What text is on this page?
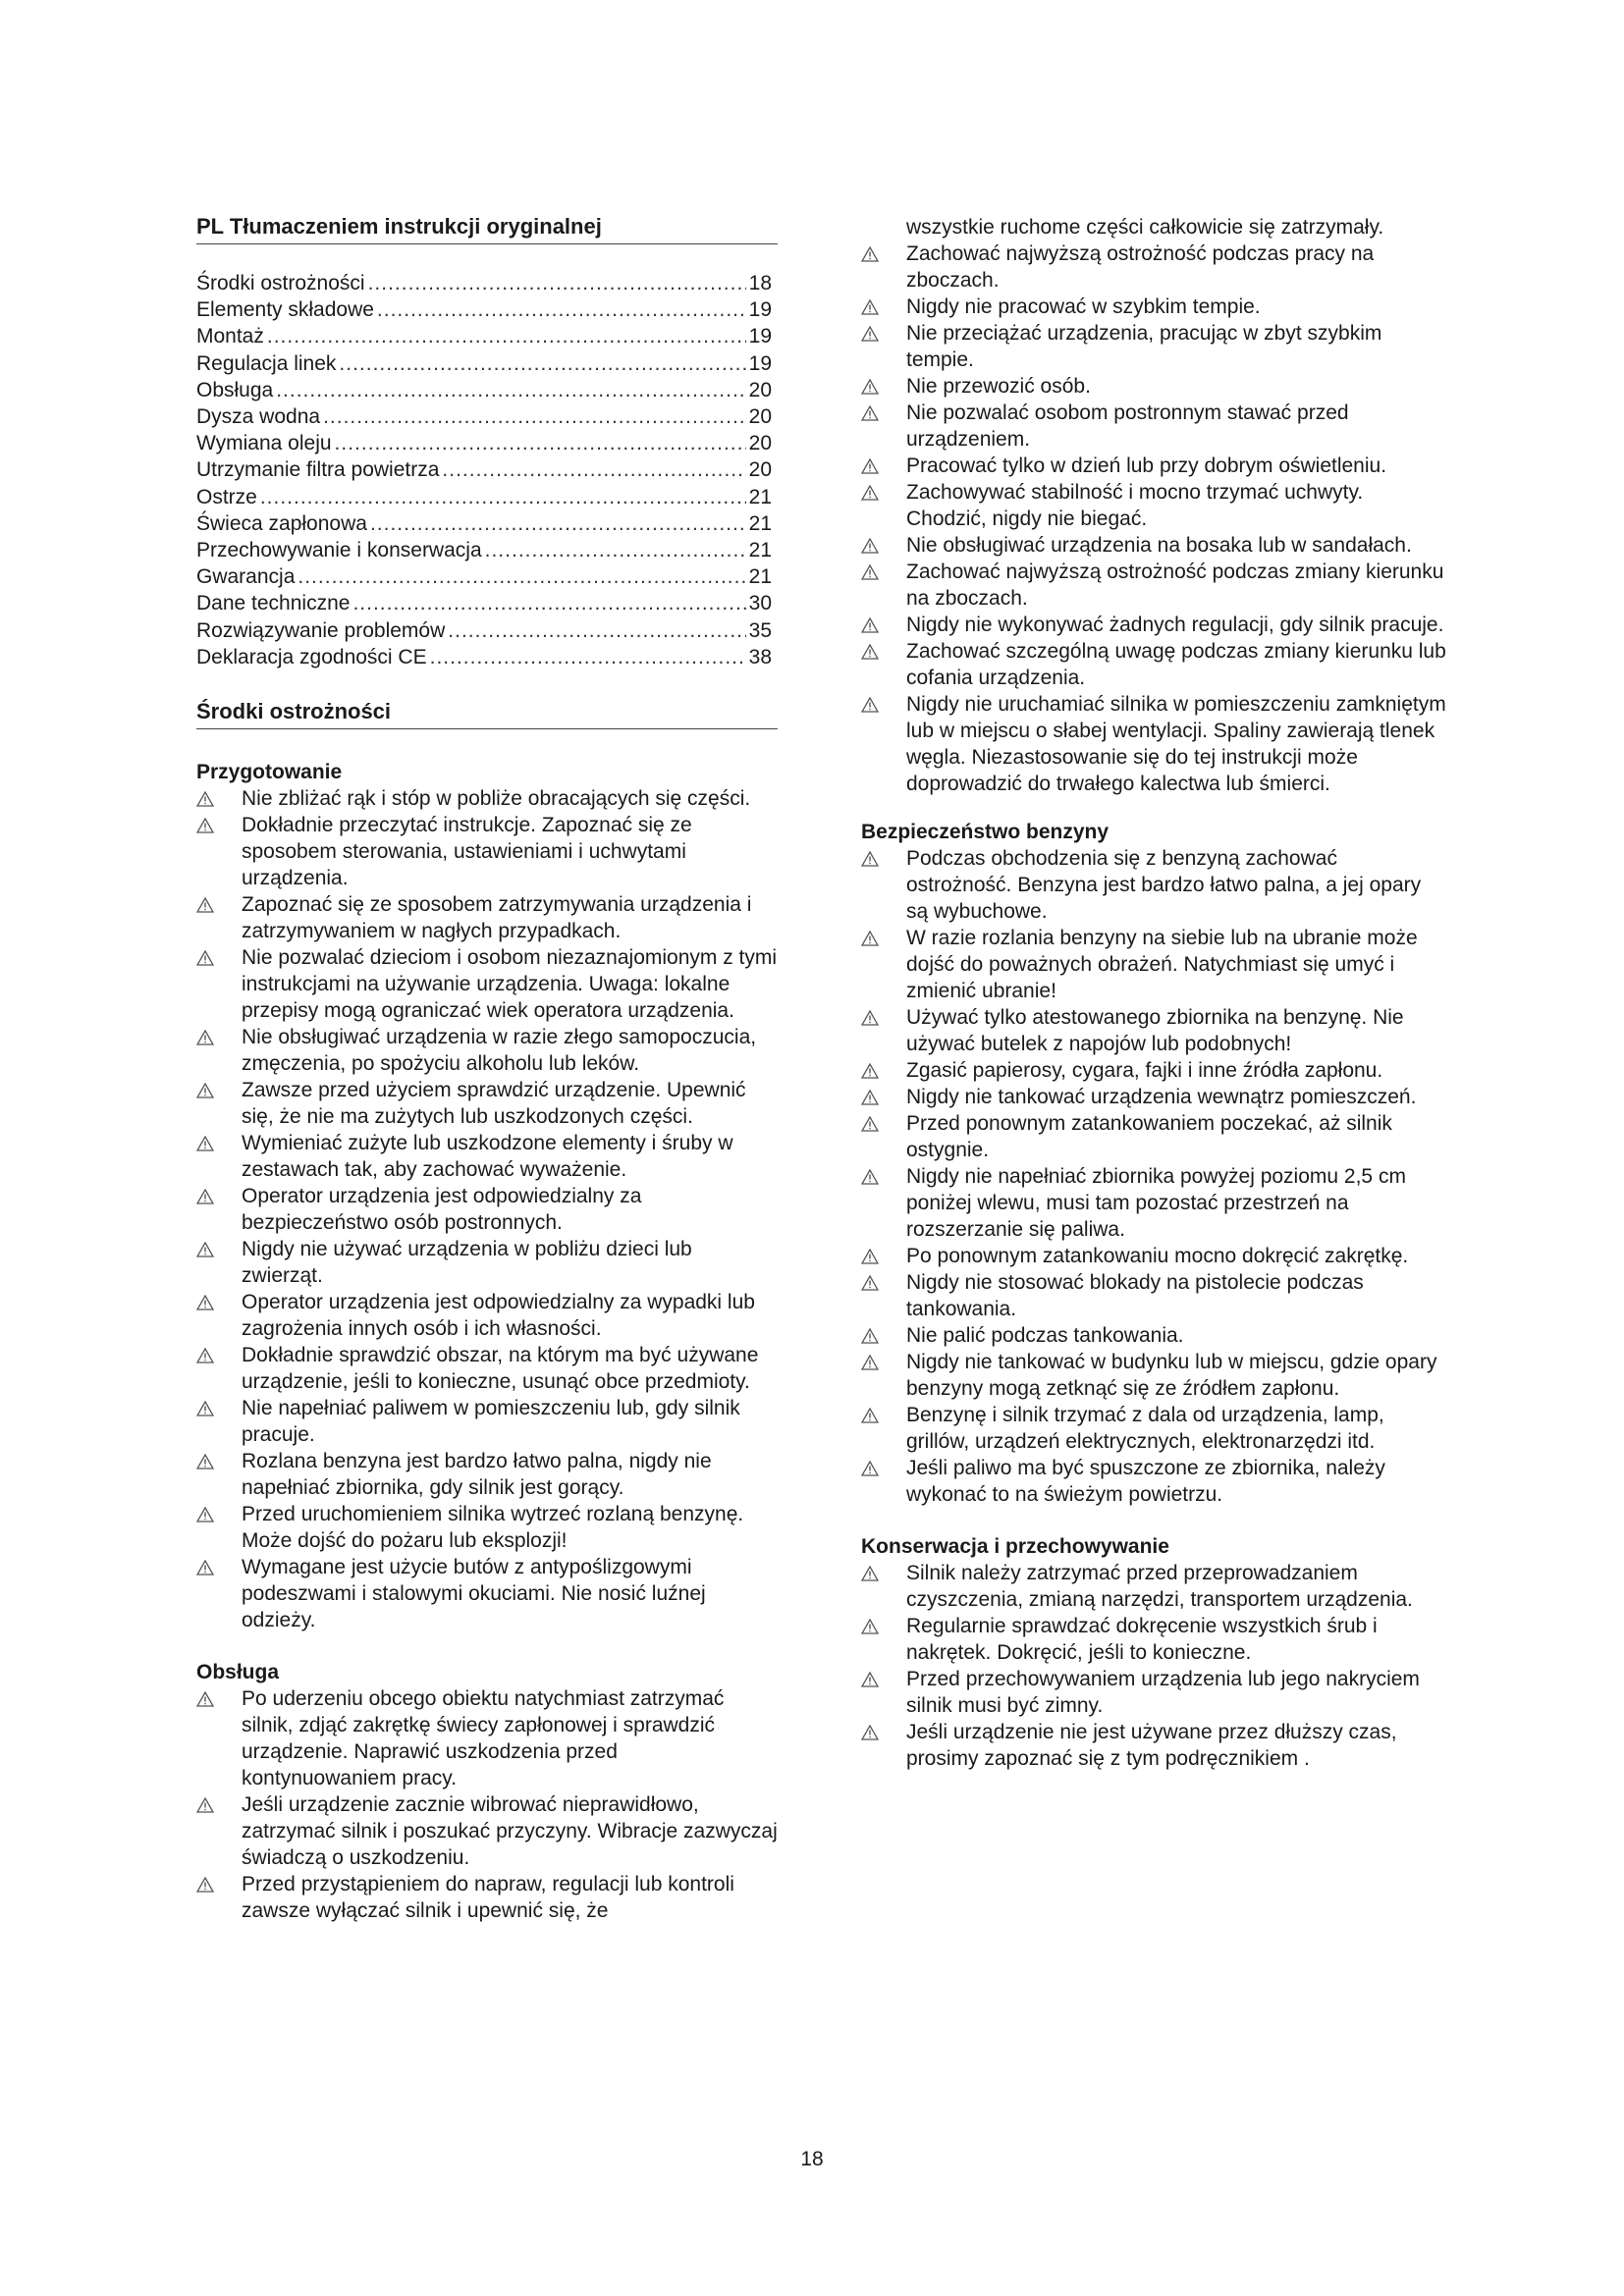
PL Tłumaczeniem instrukcji oryginalnej
Środki ostrożności .....	18
Elementy składowe .....	19
Montaż .....	19
Regulacja linek .....	19
Obsługa .....	20
Dysza wodna .....	20
Wymiana oleju .....	20
Utrzymanie filtra powietrza .....	20
Ostrze .....	21
Świeca zapłonowa .....	21
Przechowywanie i konserwacja .....	21
Gwarancja .....	21
Dane techniczne .....	30
Rozwiązywanie problemów .....	35
Deklaracja zgodności CE .....	38
Środki ostrożności
Przygotowanie
Nie zbliżać rąk i stóp w pobliże obracających się części.
Dokładnie przeczytać instrukcje. Zapoznać się ze sposobem sterowania, ustawieniami i uchwytami urządzenia.
Zapoznać się ze sposobem zatrzymywania urządzenia i zatrzymywaniem w nagłych przypadkach.
Nie pozwalać dzieciom i osobom niezaznajomionym z tymi instrukcjami na używanie urządzenia. Uwaga: lokalne przepisy mogą ograniczać wiek operatora urządzenia.
Nie obsługiwać urządzenia w razie złego samopoczucia, zmęczenia, po spożyciu alkoholu lub leków.
Zawsze przed użyciem sprawdzić urządzenie. Upewnić się, że nie ma zużytych lub uszkodzonych części.
Wymieniać zużyte lub uszkodzone elementy i śruby w zestawach tak, aby zachować wyważenie.
Operator urządzenia jest odpowiedzialny za bezpieczeństwo osób postronnych.
Nigdy nie używać urządzenia w pobliżu dzieci lub zwierząt.
Operator urządzenia jest odpowiedzialny za wypadki lub zagrożenia innych osób i ich własności.
Dokładnie sprawdzić obszar, na którym ma być używane urządzenie, jeśli to konieczne, usunąć obce przedmioty.
Nie napełniać paliwem w pomieszczeniu lub, gdy silnik pracuje.
Rozlana benzyna jest bardzo łatwo palna, nigdy nie napełniać zbiornika, gdy silnik jest gorący.
Przed uruchomieniem silnika wytrzeć rozlaną benzynę. Może dojść do pożaru lub eksplozji!
Wymagane jest użycie butów z antypoślizgowymi podeszwami i stalowymi okuciami. Nie nosić luźnej odzieży.
Obsługa
Po uderzeniu obcego obiektu natychmiast zatrzymać silnik, zdjąć zakrętkę świecy zapłonowej i sprawdzić urządzenie. Naprawić uszkodzenia przed kontynuowaniem pracy.
Jeśli urządzenie zacznie wibrować nieprawidłowo, zatrzymać silnik i poszukać przyczyny. Wibracje zazwyczaj świadczą o uszkodzeniu.
Przed przystąpieniem do napraw, regulacji lub kontroli zawsze wyłączać silnik i upewnić się, że
wszystkie ruchome części całkowicie się zatrzymały.
Zachować najwyższą ostrożność podczas pracy na zboczach.
Nigdy nie pracować w szybkim tempie.
Nie przeciążać urządzenia, pracując w zbyt szybkim tempie.
Nie przewozić osób.
Nie pozwalać osobom postronnym stawać przed urządzeniem.
Pracować tylko w dzień lub przy dobrym oświetleniu.
Zachowywać stabilność i mocno trzymać uchwyty. Chodzić, nigdy nie biegać.
Nie obsługiwać urządzenia na bosaka lub w sandałach.
Zachować najwyższą ostrożność podczas zmiany kierunku na zboczach.
Nigdy nie wykonywać żadnych regulacji, gdy silnik pracuje.
Zachować szczególną uwagę podczas zmiany kierunku lub cofania urządzenia.
Nigdy nie uruchamiać silnika w pomieszczeniu zamkniętym lub w miejscu o słabej wentylacji. Spaliny zawierają tlenek węgla. Niezastosowanie się do tej instrukcji może doprowadzić do trwałego kalectwa lub śmierci.
Bezpieczeństwo benzyny
Podczas obchodzenia się z benzyną zachować ostrożność. Benzyna jest bardzo łatwo palna, a jej opary są wybuchowe.
W razie rozlania benzyny na siebie lub na ubranie może dojść do poważnych obrażeń. Natychmiast się umyć i zmienić ubranie!
Używać tylko atestowanego zbiornika na benzynę. Nie używać butelek z napojów lub podobnych!
Zgasić papierosy, cygara, fajki i inne źródła zapłonu.
Nigdy nie tankować urządzenia wewnątrz pomieszczeń.
Przed ponownym zatankowaniem poczekać, aż silnik ostygnie.
Nigdy nie napełniać zbiornika powyżej poziomu 2,5 cm poniżej wlewu, musi tam pozostać przestrzeń na rozszerzanie się paliwa.
Po ponownym zatankowaniu mocno dokręcić zakrętkę.
Nigdy nie stosować blokady na pistolecie podczas tankowania.
Nie palić podczas tankowania.
Nigdy nie tankować w budynku lub w miejscu, gdzie opary benzyny mogą zetknąć się ze źródłem zapłonu.
Benzynę i silnik trzymać z dala od urządzenia, lamp, grillów, urządzeń elektrycznych, elektronarzędzi itd.
Jeśli paliwo ma być spuszczone ze zbiornika, należy wykonać to na świeżym powietrzu.
Konserwacja i przechowywanie
Silnik należy zatrzymać przed przeprowadzaniem czyszczenia, zmianą narzędzi, transportem urządzenia.
Regularnie sprawdzać dokręcenie wszystkich śrub i nakrętek. Dokręcić, jeśli to konieczne.
Przed przechowywaniem urządzenia lub jego nakryciem silnik musi być zimny.
Jeśli urządzenie nie jest używane przez dłuższy czas, prosimy zapoznać się z tym podręcznikiem .
18
